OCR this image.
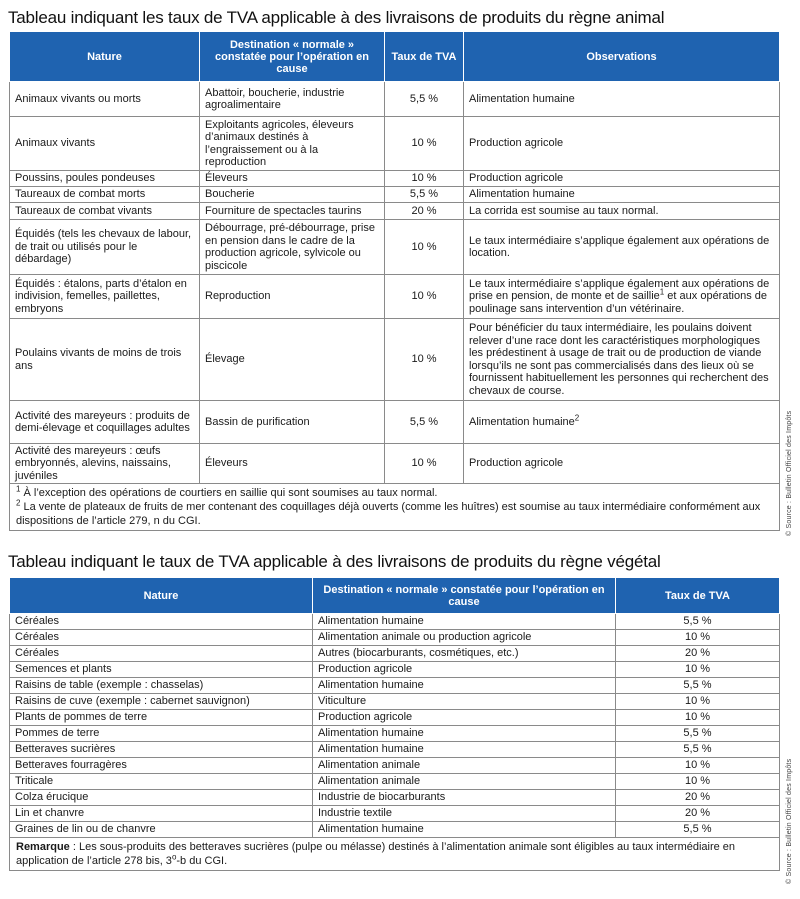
Tableau indiquant les taux de TVA applicable à des livraisons de produits du règne animal
Nature	Destination « normale » constatée pour l’opération en cause	Taux de TVA	Observations
Animaux vivants ou morts	Abattoir, boucherie, industrie agroalimentaire	5,5 %	Alimentation humaine
Animaux vivants	Exploitants agricoles, éleveurs d’animaux destinés à l’engraissement ou à la reproduction	10 %	Production agricole
Poussins, poules pondeuses	Éleveurs	10 %	Production agricole
Taureaux de combat morts	Boucherie	5,5 %	Alimentation humaine
Taureaux de combat vivants	Fourniture de spectacles taurins	20 %	La corrida est soumise au taux normal.
Équidés (tels les chevaux de labour, de trait ou utilisés pour le débardage)	Débourrage, pré-débourrage, prise en pension dans le cadre de la production agricole, sylvicole ou piscicole	10 %	Le taux intermédiaire s’applique également aux opérations de location.
Équidés : étalons, parts d’étalon en indivision, femelles, paillettes, embryons	Reproduction	10 %	Le taux intermédiaire s’applique également aux opérations de prise en pension, de monte et de saillie$^1$ et aux opérations de poulinage sans intervention d’un vétérinaire.
Poulains vivants de moins de trois ans	Élevage	10 %	Pour bénéficier du taux intermédiaire, les poulains doivent relever d’une race dont les caractéristiques morphologiques les prédestinent à usage de trait ou de production de viande lorsqu’ils ne sont pas commercialisés dans des lieux où se fournissent habituellement les personnes qui recherchent des chevaux de course.
Activité des mareyeurs : produits de demi-élevage et coquillages adultes	Bassin de purification	5,5 %	Alimentation humaine$^2$
Activité des mareyeurs : œufs embryonnés, alevins, naissains, juvéniles	Éleveurs	10 %	Production agricole

$^1$ À l’exception des opérations de courtiers en saillie qui sont soumises au taux normal.
$^2$ La vente de plateaux de fruits de mer contenant des coquillages déjà ouverts (comme les huîtres) est soumise au taux intermédiaire conformément aux dispositions de l’article 279, n du CGI.				© Source : Bulletin Officiel des Impôts
Tableau indiquant le taux de TVA applicable à des livraisons de produits du règne végétal
Nature	Destination « normale » constatée pour l’opération en cause	Taux de TVA
Céréales	Alimentation humaine	5,5 %
Céréales	Alimentation animale ou production agricole	10 %
Céréales	Autres (biocarburants, cosmétiques, etc.)	20 %
Semences et plants	Production agricole	10 %
Raisins de table (exemple : chasselas)	Alimentation humaine	5,5 %
Raisins de cuve (exemple : cabernet sauvignon)	Viticulture	10 %
Plants de pommes de terre	Production agricole	10 %
Pommes de terre	Alimentation humaine	5,5 %
Betteraves sucrières	Alimentation humaine	5,5 %
Betteraves fourragères	Alimentation animale	10 %
Triticale	Alimentation animale	10 %
Colza érucique	Industrie de biocarburants	20 %
Lin et chanvre	Industrie textile	20 %
Graines de lin ou de chanvre	Alimentation humaine	5,5 %
Remarque : Les sous-produits des betteraves sucrières (pulpe ou mélasse) destinés à l’alimentation animale sont éligibles au taux intermédiaire en application de l’article 278 bis, 3$^o$-b du CGI.			© Source : Bulletin Officiel des Impôts
